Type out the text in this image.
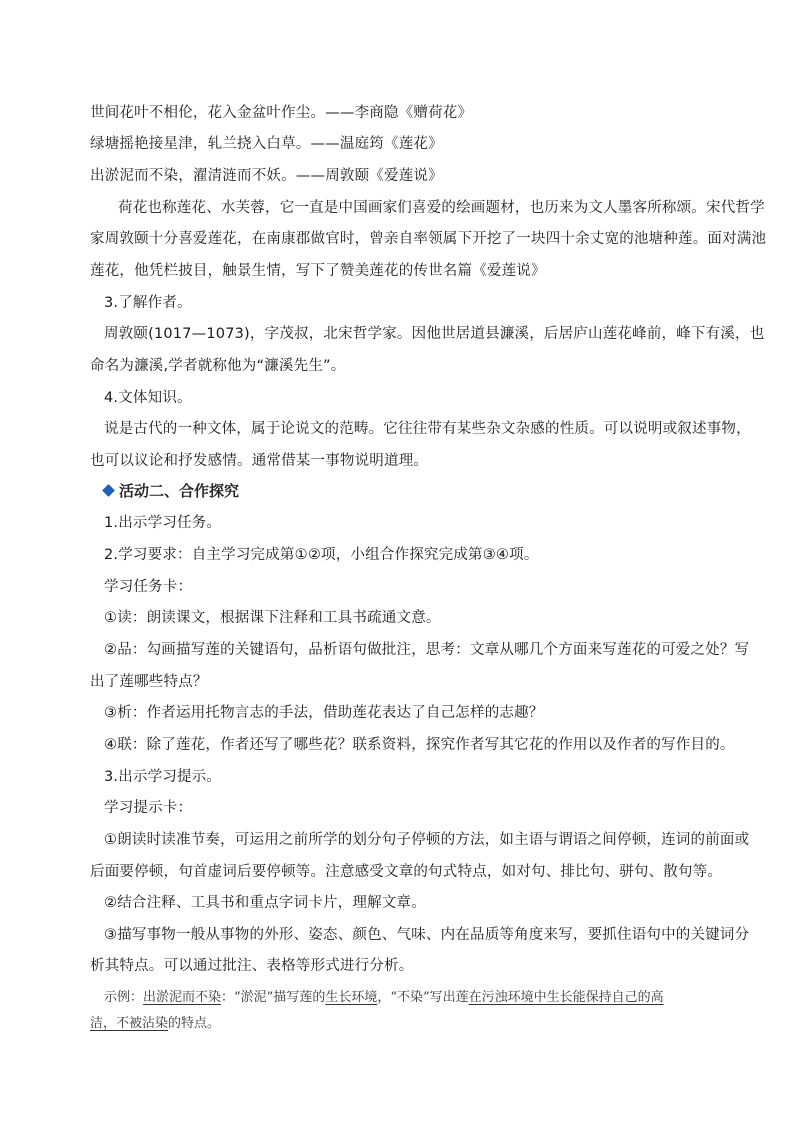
世间花叶不相伦，花入金盆叶作尘。——李商隐《赠荷花》
绿塘摇艳接星津，轧兰挠入白草。——温庭筠《莲花》
出淤泥而不染，濯清涟而不妖。——周敦颐《爱莲说》
荷花也称莲花、水芙蓉，它一直是中国画家们喜爱的绘画题材，也历来为文人墨客所称颂。宋代哲学
家周敦颐十分喜爱莲花，在南康郡做官时，曾亲自率领属下开挖了一块四十余丈宽的池塘种莲。面对满池
莲花，他凭栏披目，触景生情，写下了赞美莲花的传世名篇《爱莲说》
3.了解作者。
周敦颐(1017—1073)，字茂叔，北宋哲学家。因他世居道县濂溪，后居庐山莲花峰前，峰下有溪，也
命名为濂溪,学者就称他为“濂溪先生”。
4.文体知识。
说是古代的一种文体，属于论说文的范畴。它往往带有某些杂文杂感的性质。可以说明或叙述事物，
也可以议论和抒发感情。通常借某一事物说明道理。
活动二、合作探究
1.出示学习任务。
2.学习要求：自主学习完成第①②项，小组合作探究完成第③④项。
学习任务卡：
①读：朗读课文，根据课下注释和工具书疏通文意。
②品：勾画描写莲的关键语句，品析语句做批注，思考：文章从哪几个方面来写莲花的可爱之处？写
出了莲哪些特点？
③析：作者运用托物言志的手法，借助莲花表达了自己怎样的志趣？
④联：除了莲花，作者还写了哪些花？联系资料，探究作者写其它花的作用以及作者的写作目的。
3.出示学习提示。
学习提示卡：
①朗读时读准节奏，可运用之前所学的划分句子停顿的方法，如主语与谓语之间停顿，连词的前面或
后面要停顿，句首虚词后要停顿等。注意感受文章的句式特点，如对句、排比句、骈句、散句等。
②结合注释、工具书和重点字词卡片，理解文章。
③描写事物一般从事物的外形、姿态、颜色、气味、内在品质等角度来写，要抓住语句中的关键词分
析其特点。可以通过批注、表格等形式进行分析。
示例：出淤泥而不染：“淤泥”描写莲的生长环境，“不染”写出莲在污浊环境中生长能保持自己的高
洁，不被沾染的特点。
